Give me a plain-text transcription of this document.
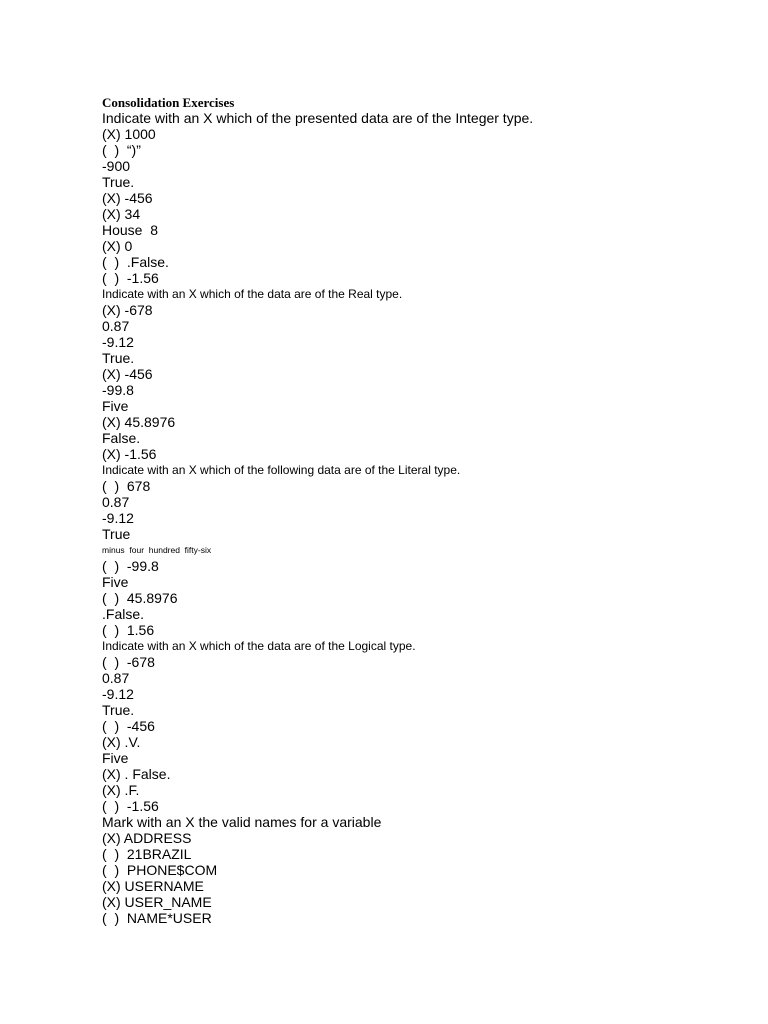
Consolidation Exercises
Indicate with an X which of the presented data are of the Integer type.
(X) 1000
(  )  “)”
-900
True.
(X) -456
(X) 34
House  8
(X) 0
(  )  .False.
(  )  -1.56
Indicate with an X which of the data are of the Real type.
(X) -678
0.87
-9.12
True.
(X) -456
-99.8
Five
(X) 45.8976
False.
(X) -1.56
Indicate with an X which of the following data are of the Literal type.
(  )  678
0.87
-9.12
True
minus  four  hundred  fifty-six
(  )  -99.8
Five
(  )  45.8976
.False.
(  )  1.56
Indicate with an X which of the data are of the Logical type.
(  )  -678
0.87
-9.12
True.
(  )  -456
(X) .V.
Five
(X) . False.
(X) .F.
(  )  -1.56
Mark with an X the valid names for a variable
(X) ADDRESS
(  )  21BRAZIL
(  )  PHONE$COM
(X) USERNAME
(X) USER_NAME
(  )  NAME*USER
